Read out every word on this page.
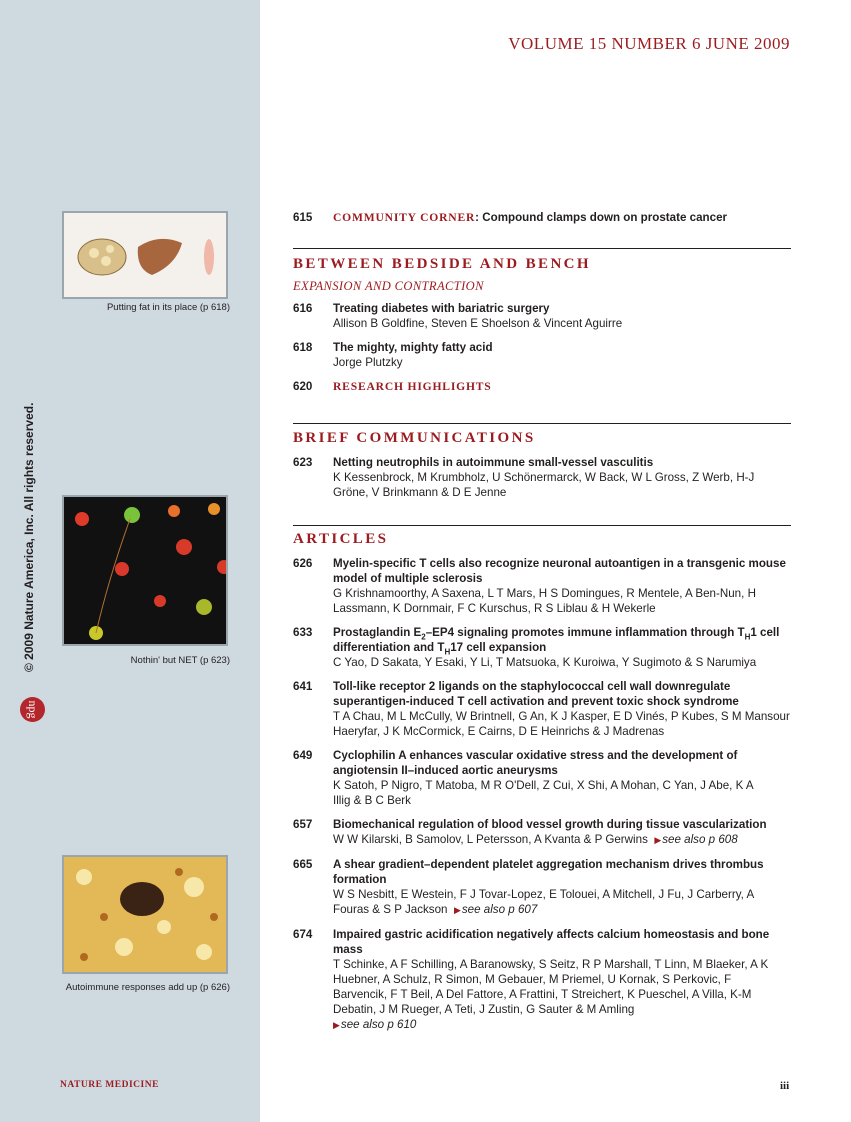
Putting fat in its place (p 618)
Nothin' but NET (p 623)
Autoimmune responses add up (p 626)
© 2009 Nature America, Inc. All rights reserved.
npg
VOLUME 15 NUMBER 6 JUNE 2009
615 COMMUNITY CORNER: Compound clamps down on prostate cancer
BETWEEN BEDSIDE AND BENCH
EXPANSION AND CONTRACTION
616 Treating diabetes with bariatric surgery
Allison B Goldfine, Steven E Shoelson & Vincent Aguirre
618 The mighty, mighty fatty acid
Jorge Plutzky
620 RESEARCH HIGHLIGHTS
BRIEF COMMUNICATIONS
623 Netting neutrophils in autoimmune small-vessel vasculitis
K Kessenbrock, M Krumbholz, U Schönermarck, W Back, W L Gross, Z Werb, H-J Gröne, V Brinkmann & D E Jenne
ARTICLES
626 Myelin-specific T cells also recognize neuronal autoantigen in a transgenic mouse model of multiple sclerosis
G Krishnamoorthy, A Saxena, L T Mars, H S Domingues, R Mentele, A Ben-Nun, H Lassmann, K Dornmair, F C Kurschus, R S Liblau & H Wekerle
633 Prostaglandin $E_2-EP4$ signaling promotes immune inflammation through $T_H1$ cell differentiation and $T_H17$ cell expansion
C Yao, D Sakata, Y Esaki, Y Li, T Matsuoka, K Kuroiwa, Y Sugimoto & S Narumiya
641 Toll-like receptor 2 ligands on the staphylococcal cell wall downregulate superantigen-induced T cell activation and prevent toxic shock syndrome
T A Chau, M L McCully, W Brintnell, G An, K J Kasper, E D Vinés, P Kubes, S M Mansour Haeryfar, J K McCormick, E Cairns, D E Heinrichs & J Madrenas
649 Cyclophilin A enhances vascular oxidative stress and the development of angiotensin II–induced aortic aneurysms
K Satoh, P Nigro, T Matoba, M R O'Dell, Z Cui, X Shi, A Mohan, C Yan, J Abe, K A Illig & B C Berk
657 Biomechanical regulation of blood vessel growth during tissue vascularization
W W Kilarski, B Samolov, L Petersson, A Kvanta & P Gerwins ▶ see also p 608
665 A shear gradient–dependent platelet aggregation mechanism drives thrombus formation
W S Nesbitt, E Westein, F J Tovar-Lopez, E Tolouei, A Mitchell, J Fu, J Carberry, A Fouras & S P Jackson ▶ see also p 607
674 Impaired gastric acidification negatively affects calcium homeostasis and bone mass
T Schinke, A F Schilling, A Baranowsky, S Seitz, R P Marshall, T Linn, M Blaeker, A K Huebner, A Schulz, R Simon, M Gebauer, M Priemel, U Kornak, S Perkovic, F Barvencik, F T Beil, A Del Fattore, A Frattini, T Streichert, K Pueschel, A Villa, K-M Debatin, J M Rueger, A Teti, J Zustin, G Sauter & M Amling
▶ see also p 610
NATURE MEDICINE	iii
